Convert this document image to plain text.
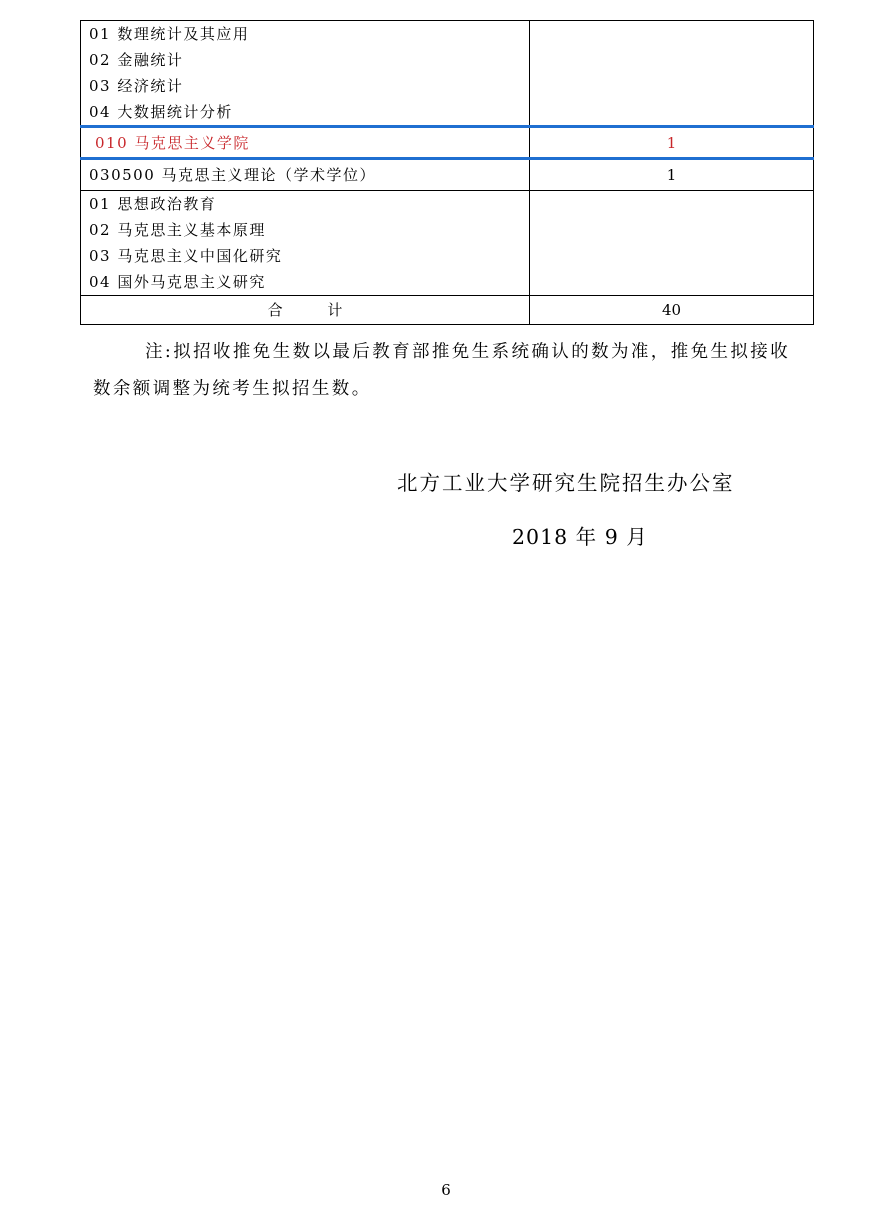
01 数理统计及其应用
02 金融统计
03 经济统计
04 大数据统计分析	

010 马克思主义学院	1

030500 马克思主义理论（学术学位）	1

01 思想政治教育
02 马克思主义基本原理
03 马克思主义中国化研究
04 国外马克思主义研究	

合 计	40
注:拟招收推免生数以最后教育部推免生系统确认的数为准，推免生拟接收
数余额调整为统考生拟招生数。
北方工业大学研究生院招生办公室
2018 年 9 月
6
